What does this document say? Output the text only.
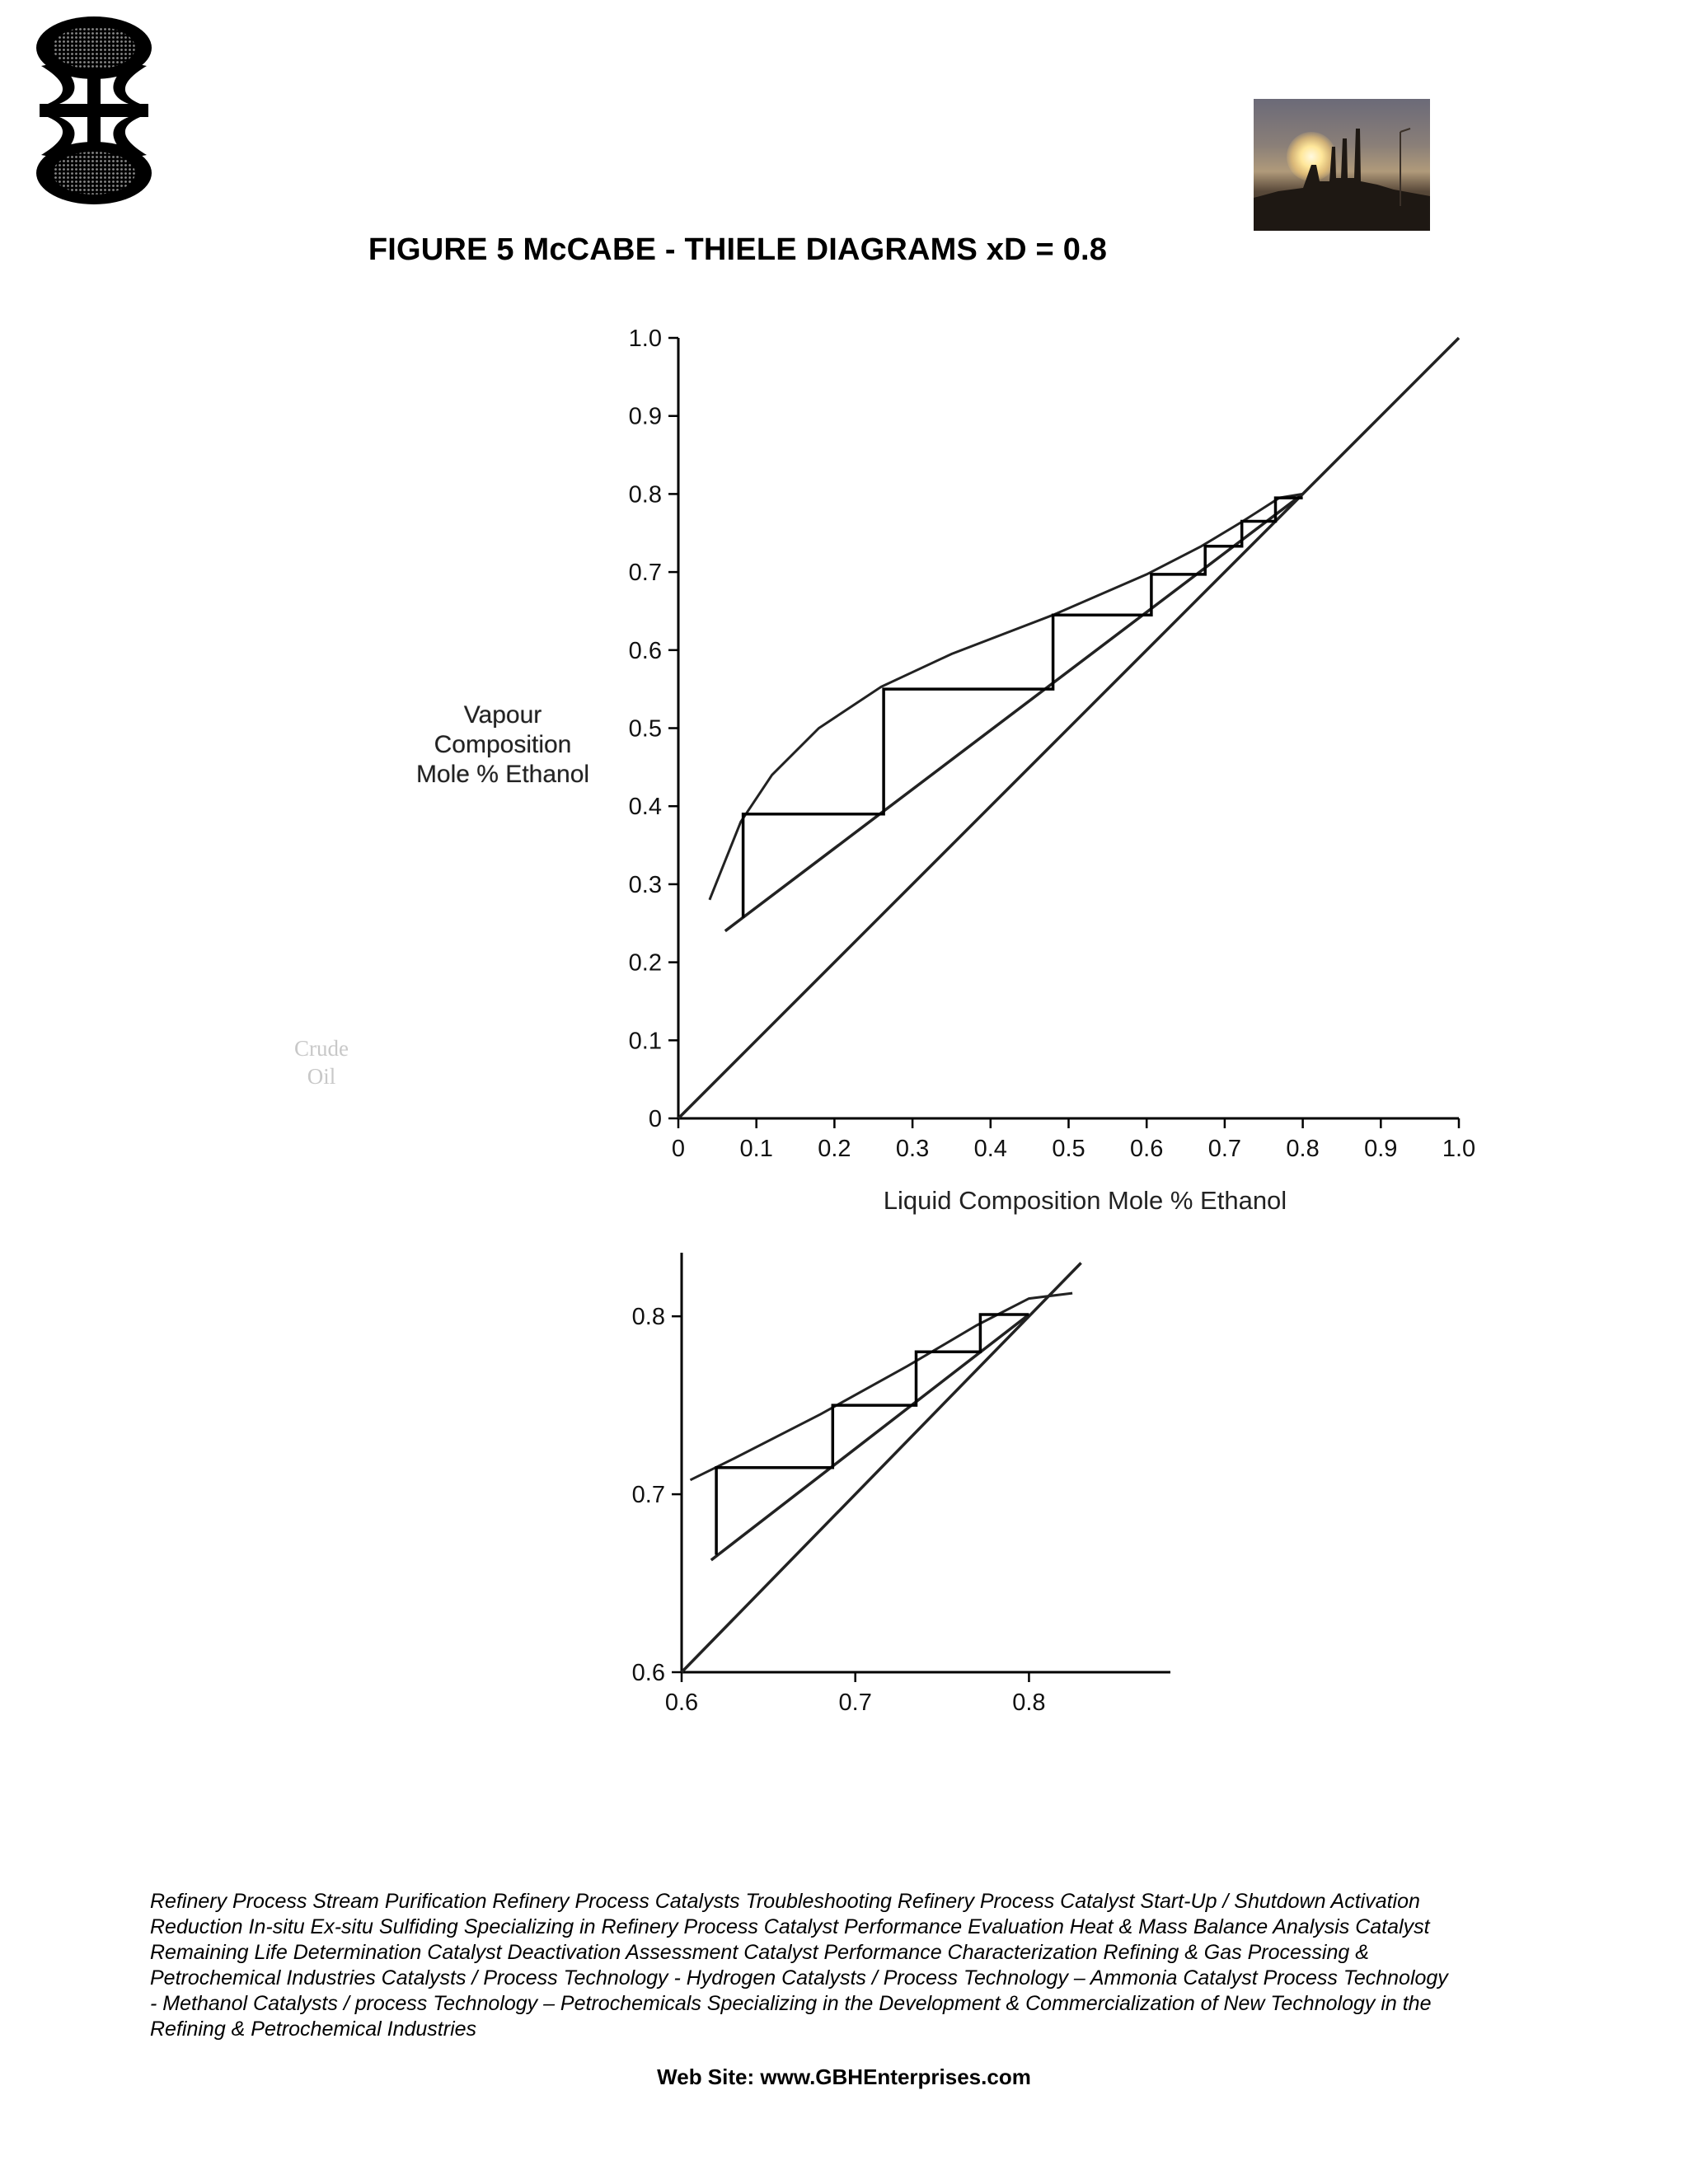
FIGURE 5 McCABE - THIELE DIAGRAMS xD = 0.8
0 0.1 0.2 0.3 0.4 0.5 0.6 0.7 0.8 0.9 1.0
0
0.1
0.2
0.3
0.4
0.5
0.6
0.7
0.8
0.9
1.0
Liquid Composition Mole % Ethanol
Vapour
Composition
Mole % Ethanol
0.6	0.7	0.8
0.6
0.7
0.8
Crude
Oil
Refinery Process Stream Purification Refinery Process Catalysts Troubleshooting Refinery Process Catalyst Start-Up / Shutdown Activation Reduction In-situ Ex-situ Sulfiding Specializing in Refinery Process Catalyst Performance Evaluation Heat & Mass Balance Analysis Catalyst Remaining Life Determination Catalyst Deactivation Assessment Catalyst Performance Characterization Refining & Gas Processing & Petrochemical Industries Catalysts / Process Technology - Hydrogen Catalysts / Process Technology – Ammonia Catalyst Process Technology - Methanol Catalysts / process Technology – Petrochemicals Specializing in the Development & Commercialization of New Technology in the Refining & Petrochemical Industries
Web Site: www.GBHEnterprises.com
